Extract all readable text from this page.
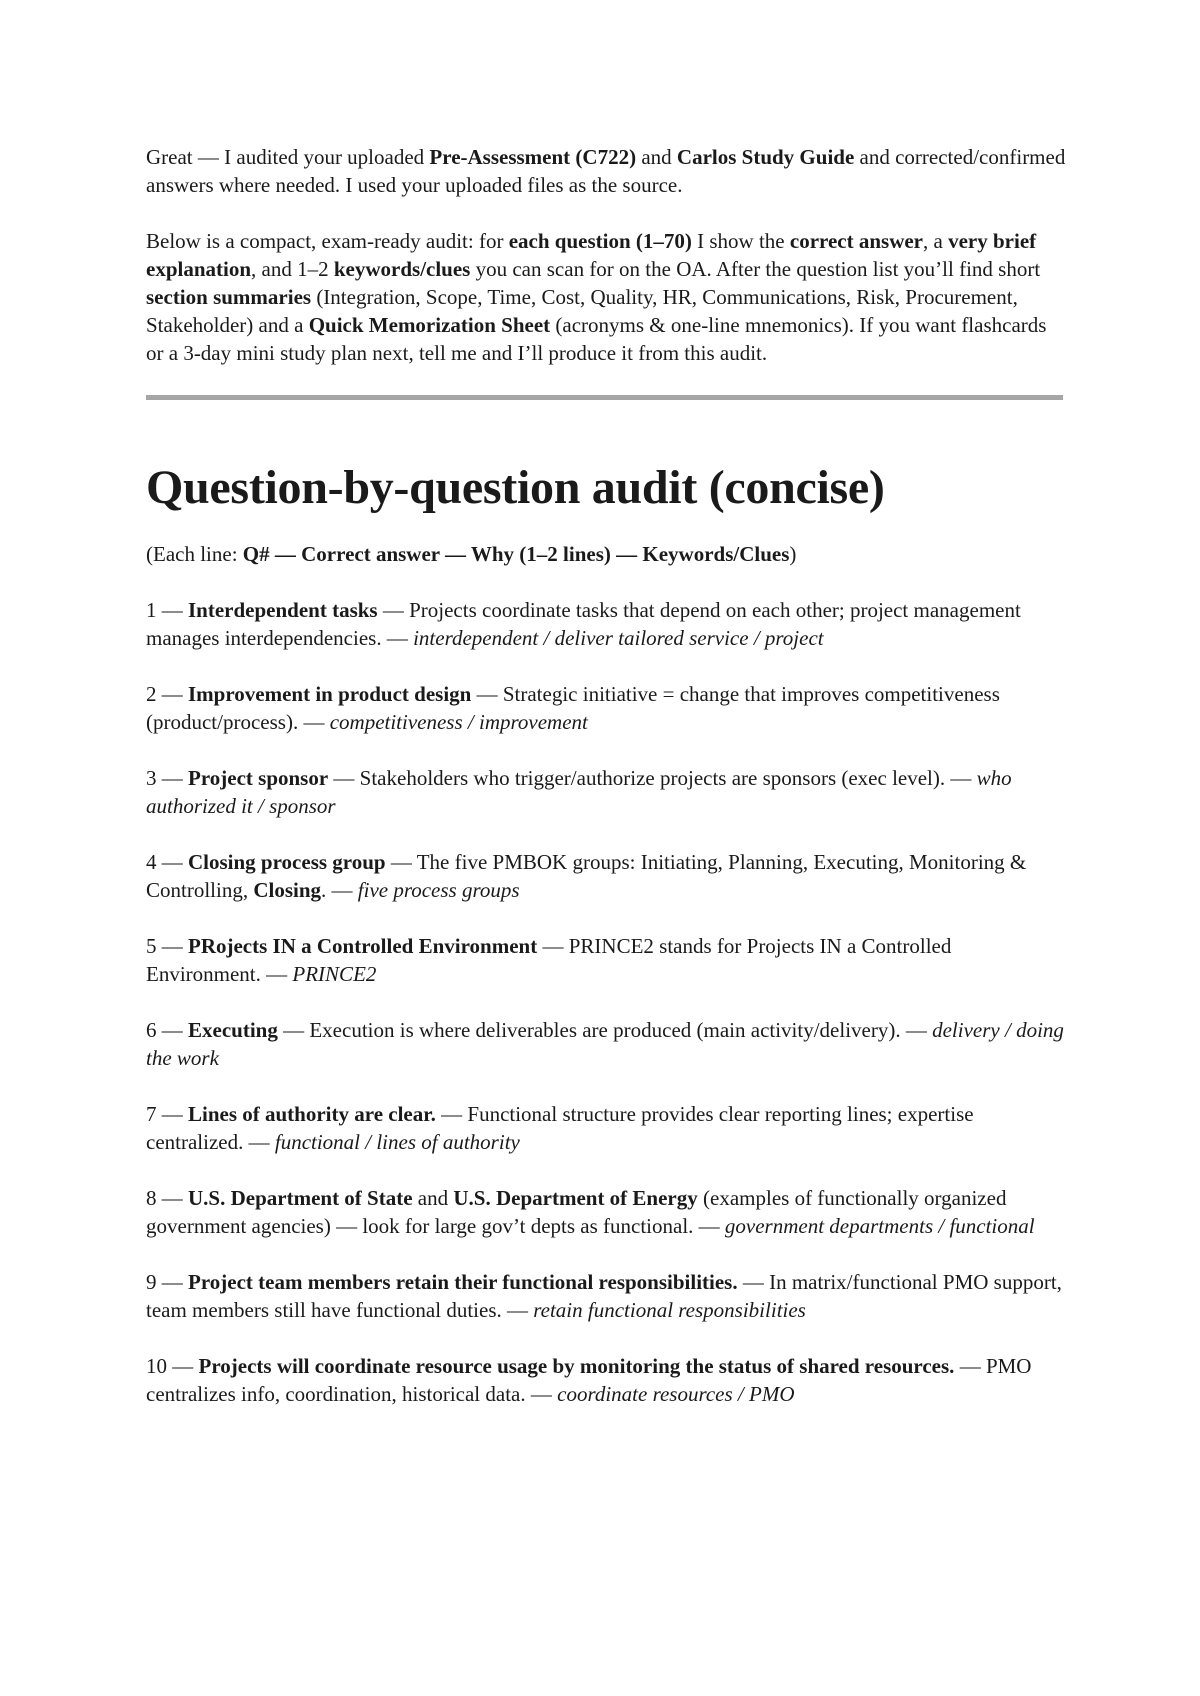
Great — I audited your uploaded Pre-Assessment (C722) and Carlos Study Guide and corrected/confirmed answers where needed. I used your uploaded files as the source.

Below is a compact, exam-ready audit: for each question (1–70) I show the correct answer, a very brief explanation, and 1–2 keywords/clues you can scan for on the OA. After the question list you’ll find short section summaries (Integration, Scope, Time, Cost, Quality, HR, Communications, Risk, Procurement, Stakeholder) and a Quick Memorization Sheet (acronyms & one-line mnemonics). If you want flashcards or a 3-day mini study plan next, tell me and I’ll produce it from this audit.

Question-by-question audit (concise)

(Each line: Q# — Correct answer — Why (1–2 lines) — Keywords/Clues)

1 — Interdependent tasks — Projects coordinate tasks that depend on each other; project management manages interdependencies. — interdependent / deliver tailored service / project

2 — Improvement in product design — Strategic initiative = change that improves competitiveness (product/process). — competitiveness / improvement

3 — Project sponsor — Stakeholders who trigger/authorize projects are sponsors (exec level). — who authorized it / sponsor

4 — Closing process group — The five PMBOK groups: Initiating, Planning, Executing, Monitoring & Controlling, Closing. — five process groups

5 — PRojects IN a Controlled Environment — PRINCE2 stands for Projects IN a Controlled Environment. — PRINCE2

6 — Executing — Execution is where deliverables are produced (main activity/delivery). — delivery / doing the work

7 — Lines of authority are clear. — Functional structure provides clear reporting lines; expertise centralized. — functional / lines of authority

8 — U.S. Department of State and U.S. Department of Energy (examples of functionally organized government agencies) — look for large gov’t depts as functional. — government departments / functional

9 — Project team members retain their functional responsibilities. — In matrix/functional PMO support, team members still have functional duties. — retain functional responsibilities

10 — Projects will coordinate resource usage by monitoring the status of shared resources. — PMO centralizes info, coordination, historical data. — coordinate resources / PMO
